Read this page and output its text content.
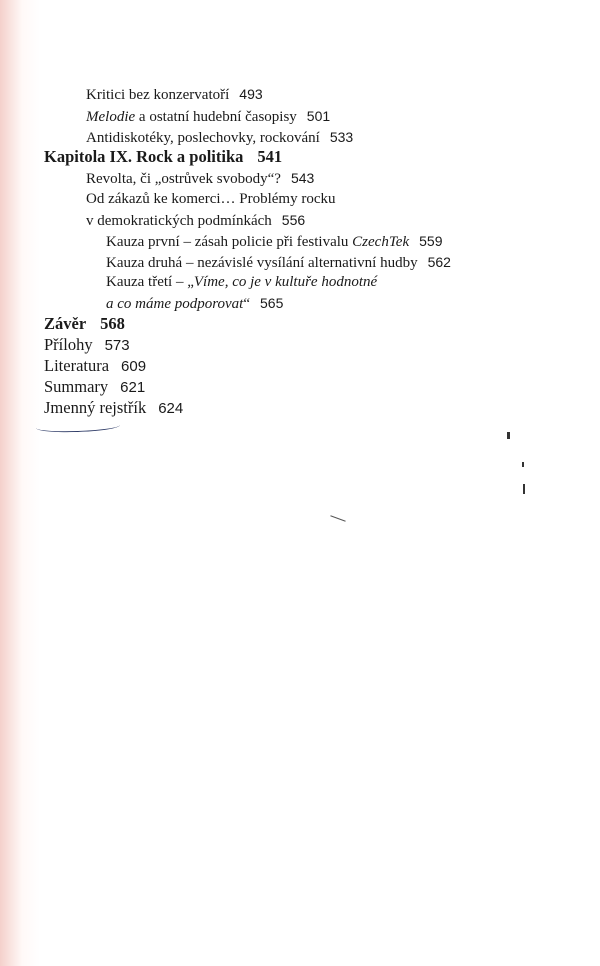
Kritici bez konzervatoří 493
Melodie a ostatní hudební časopisy 501
Antidiskotéky, poslechovky, rockování 533
Kapitola IX. Rock a politika 541
Revolta, či „ostrůvek svobody“? 543
Od zákazů ke komerci… Problémy rocku
v demokratických podmínkách 556
Kauza první – zásah policie při festivalu CzechTek 559
Kauza druhá – nezávislé vysílání alternativní hudby 562
Kauza třetí – „Víme, co je v kultuře hodnotné
a co máme podporovat“ 565
Závěr 568
Přílohy 573
Literatura 609
Summary 621
Jmenný rejstřík 624
